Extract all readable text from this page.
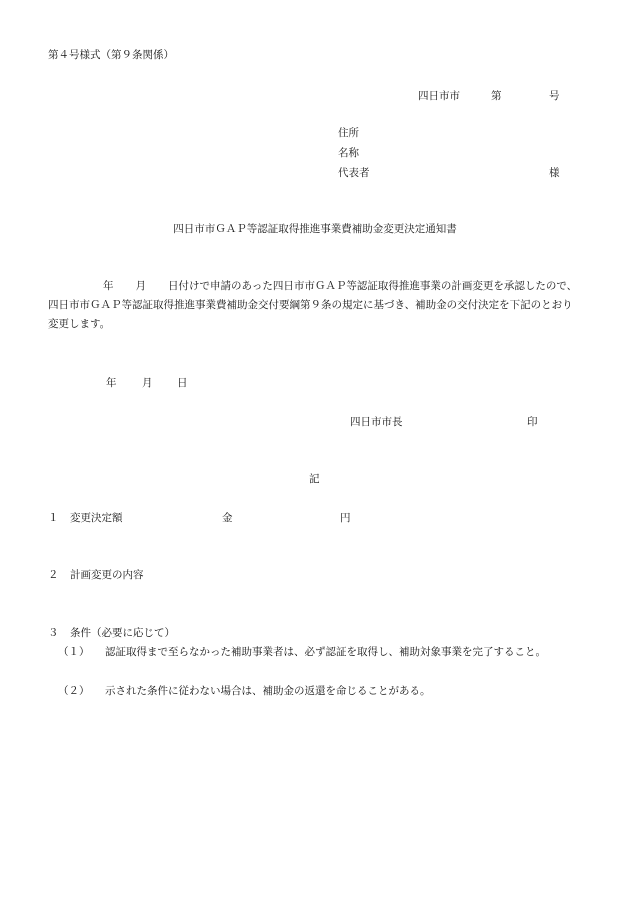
第４号様式（第９条関係）
四日市市	第	号
住所
名称
代表者	様
四日市市ＧＡＰ等認証取得推進事業費補助金変更決定通知書
年 月 日付けで申請のあった四日市市ＧＡＰ等認証取得推進事業の計画変更を承認したので、四日市市ＧＡＰ等認証取得推進事業費補助金交付要綱第９条の規定に基づき、補助金の交付決定を下記のとおり変更します。
年 月 日
四日市市長	印
記
１ 変更決定額	金	円
２ 計画変更の内容
３ 条件（必要に応じて）
（１） 認証取得まで至らなかった補助事業者は、必ず認証を取得し、補助対象事業を完了すること。
（２） 示された条件に従わない場合は、補助金の返還を命じることがある。
